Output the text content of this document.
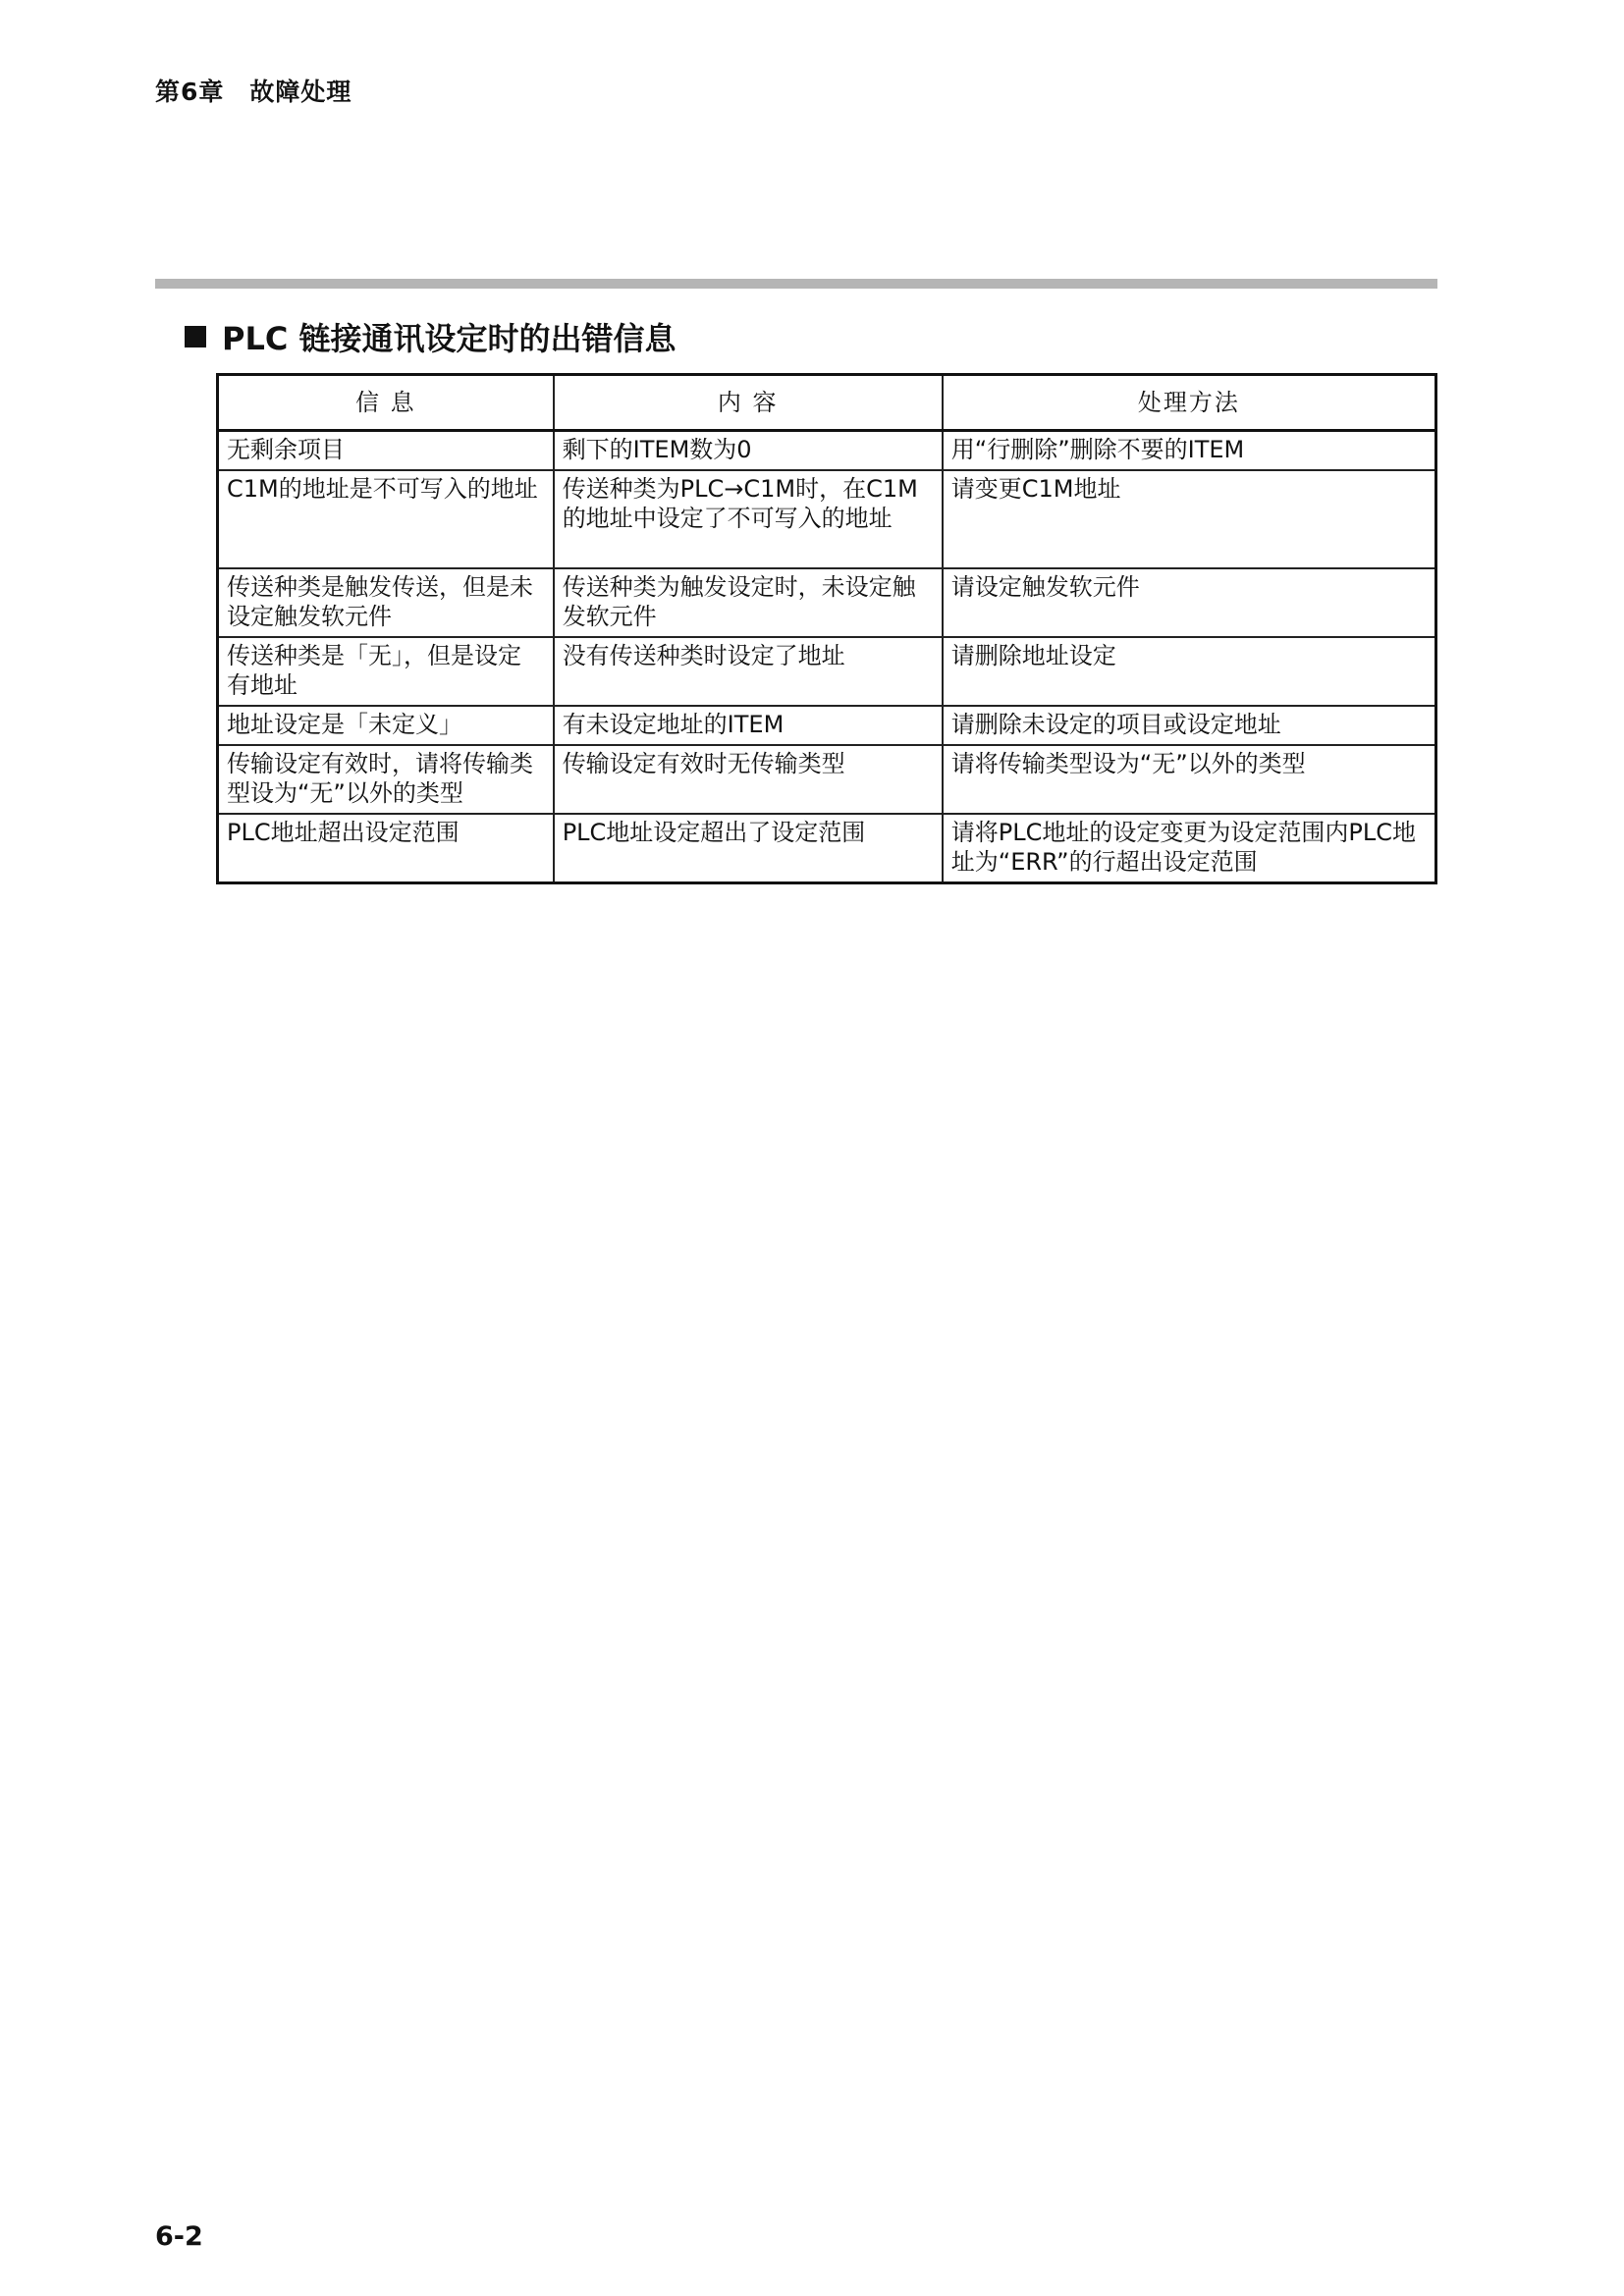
第6章　故障处理
PLC 链接通讯设定时的出错信息
信 息	内 容	处理方法
无剩余项目	剩下的ITEM数为0	用“行删除”删除不要的ITEM
C1M的地址是不可写入的地址	传送种类为PLC→C1M时，在C1M的地址中设定了不可写入的地址	请变更C1M地址
传送种类是触发传送，但是未设定触发软元件	传送种类为触发设定时，未设定触发软元件	请设定触发软元件
传送种类是「无」，但是设定有地址	没有传送种类时设定了地址	请删除地址设定
地址设定是「未定义」	有未设定地址的ITEM	请删除未设定的项目或设定地址
传输设定有效时，请将传输类型设为“无”以外的类型	传输设定有效时无传输类型	请将传输类型设为“无”以外的类型
PLC地址超出设定范围	PLC地址设定超出了设定范围	请将PLC地址的设定变更为设定范围内PLC地址为“ERR”的行超出设定范围
6-2
